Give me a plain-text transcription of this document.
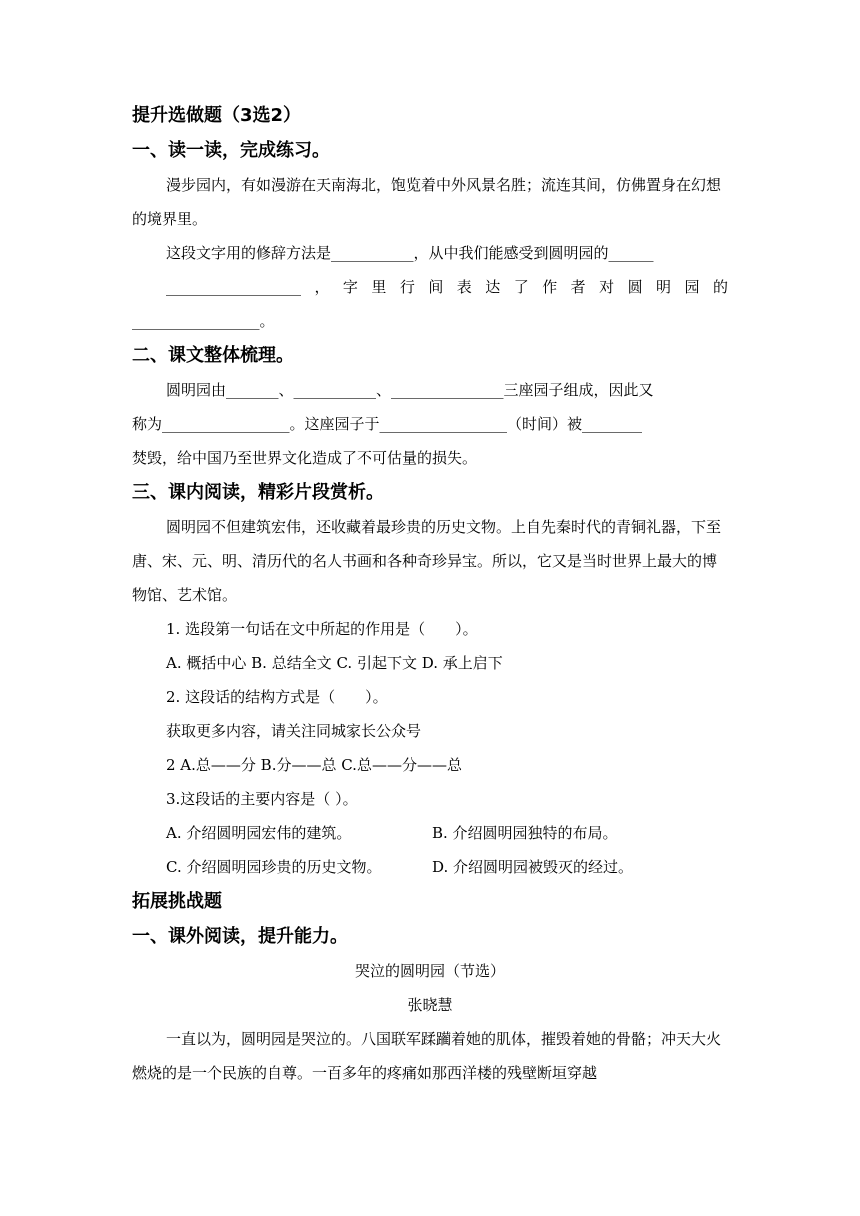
提升选做题（3选2）
一、读一读，完成练习。
漫步园内，有如漫游在天南海北，饱览着中外风景名胜；流连其间，仿佛置身在幻想的境界里。
这段文字用的修辞方法是___________，从中我们能感受到圆明园的______
__________________，字里行间表达了作者对圆明园的
_________________。
二、课文整体梳理。
圆明园由_______、___________、_______________三座园子组成，因此又
称为_________________。这座园子于_________________（时间）被________
焚毁，给中国乃至世界文化造成了不可估量的损失。
三、课内阅读，精彩片段赏析。
圆明园不但建筑宏伟，还收藏着最珍贵的历史文物。上自先秦时代的青铜礼器，下至唐、宋、元、明、清历代的名人书画和各种奇珍异宝。所以，它又是当时世界上最大的博物馆、艺术馆。
1. 选段第一句话在文中所起的作用是（　　）。
A. 概括中心 B. 总结全文 C. 引起下文 D. 承上启下
2. 这段话的结构方式是（　　）。
获取更多内容，请关注同城家长公众号
2 A.总——分 B.分——总 C.总——分——总
3.这段话的主要内容是（ ）。
A. 介绍圆明园宏伟的建筑。	B. 介绍圆明园独特的布局。
C. 介绍圆明园珍贵的历史文物。	D. 介绍圆明园被毁灭的经过。
拓展挑战题
一、课外阅读，提升能力。
哭泣的圆明园（节选）
张晓慧
一直以为，圆明园是哭泣的。八国联军蹂躏着她的肌体，摧毁着她的骨骼；冲天大火燃烧的是一个民族的自尊。一百多年的疼痛如那西洋楼的残壁断垣穿越
